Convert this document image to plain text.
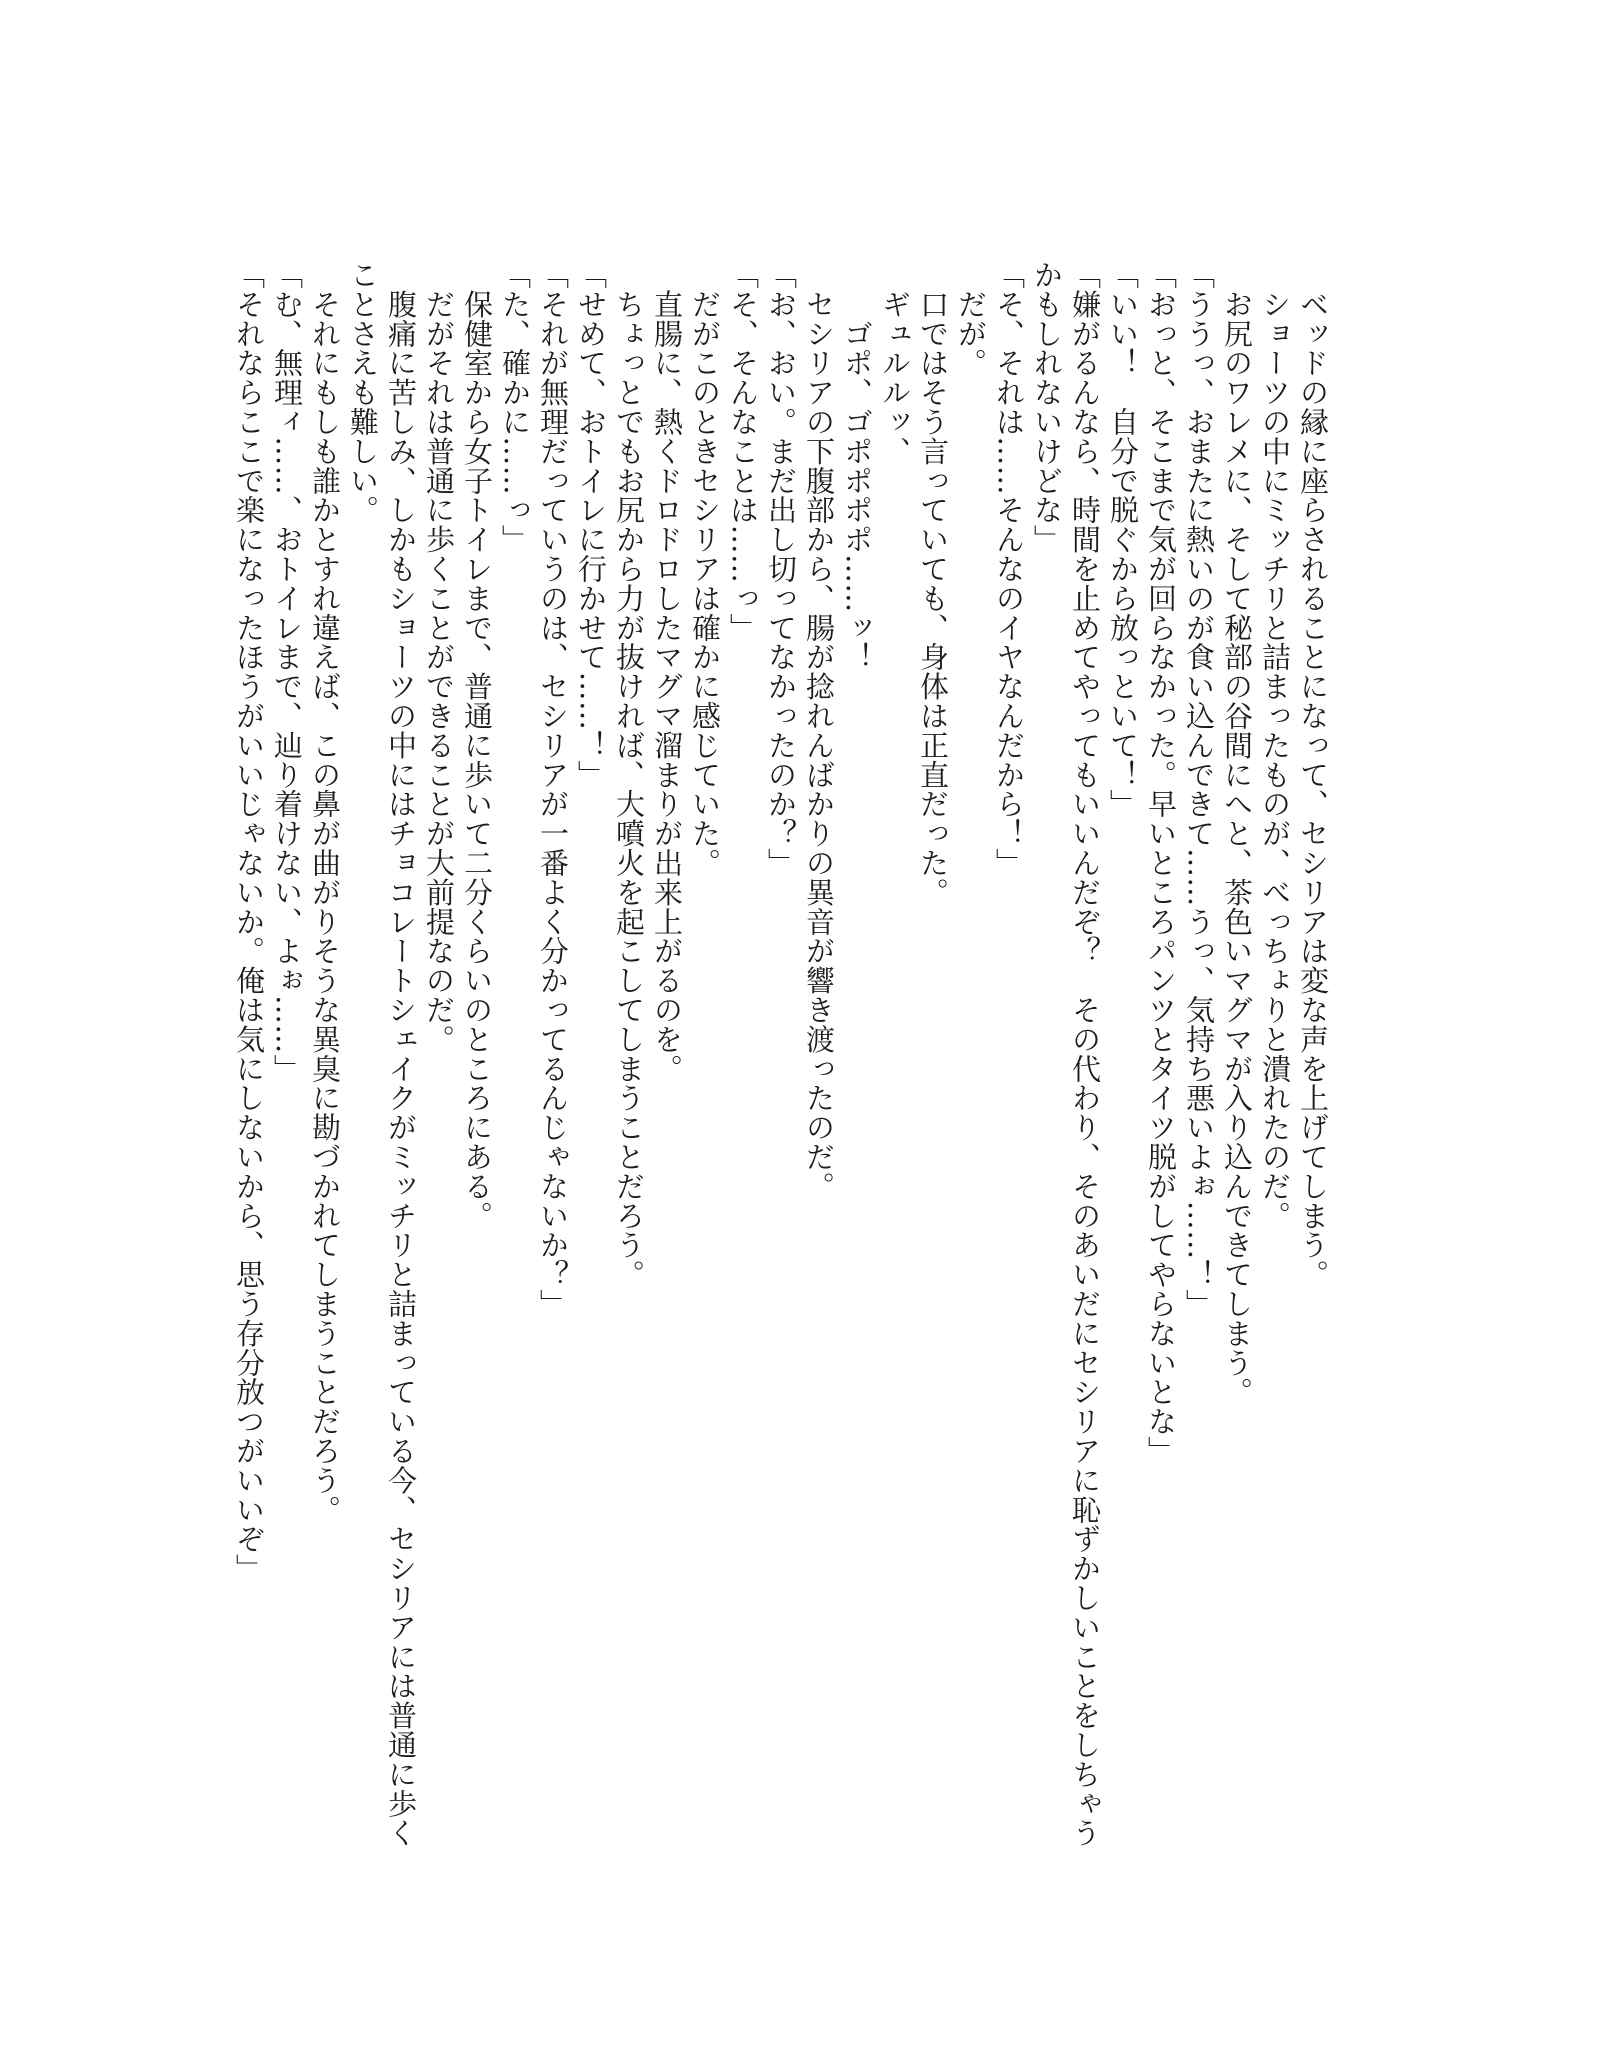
　ベッドの縁に座らされることになって、セシリアは変な声を上げてしまう。

　ショーツの中にミッチリと詰まったものが、べっちょりと潰れたのだ。

　お尻のワレメに、そして秘部の谷間にへと、茶色いマグマが入り込んできてしまう。

「ううっ、おまたに熱いのが食い込んできて……うっ、気持ち悪いよぉ……！」

「おっと、そこまで気が回らなかった。早いところパンツとタイツ脱がしてやらないとな」

「いい！　自分で脱ぐから放っといて！」

「嫌がるんなら、時間を止めてやってもいいんだぞ？　その代わり、そのあいだにセシリアに恥ずかしいことをしちゃうかもしれないけどな」

「そ、それは……そんなのイヤなんだから！」

　だが。

　口ではそう言っていても、身体は正直だった。

　ギュルルッ、

　　ゴポ、ゴポポポポ……ッ！

　セシリアの下腹部から、腸が捻れんばかりの異音が響き渡ったのだ。

「お、おい。まだ出し切ってなかったのか？」

「そ、そんなことは……っ」

　だがこのときセシリアは確かに感じていた。

　直腸に、熱くドロドロしたマグマ溜まりが出来上がるのを。

　ちょっとでもお尻から力が抜ければ、大噴火を起こしてしまうことだろう。

「せめて、おトイレに行かせて……！」

「それが無理だっていうのは、セシリアが一番よく分かってるんじゃないか？」

「た、確かに……っ」

　保健室から女子トイレまで、普通に歩いて二分くらいのところにある。

　だがそれは普通に歩くことができることが大前提なのだ。

　腹痛に苦しみ、しかもショーツの中にはチョコレートシェイクがミッチリと詰まっている今、セシリアには普通に歩くことさえも難しい。

　それにもしも誰かとすれ違えば、この鼻が曲がりそうな異臭に勘づかれてしまうことだろう。

「む、無理ィ……、おトイレまで、辿り着けない、よぉ……」

「それならここで楽になったほうがいいじゃないか。俺は気にしないから、思う存分放つがいいぞ」
